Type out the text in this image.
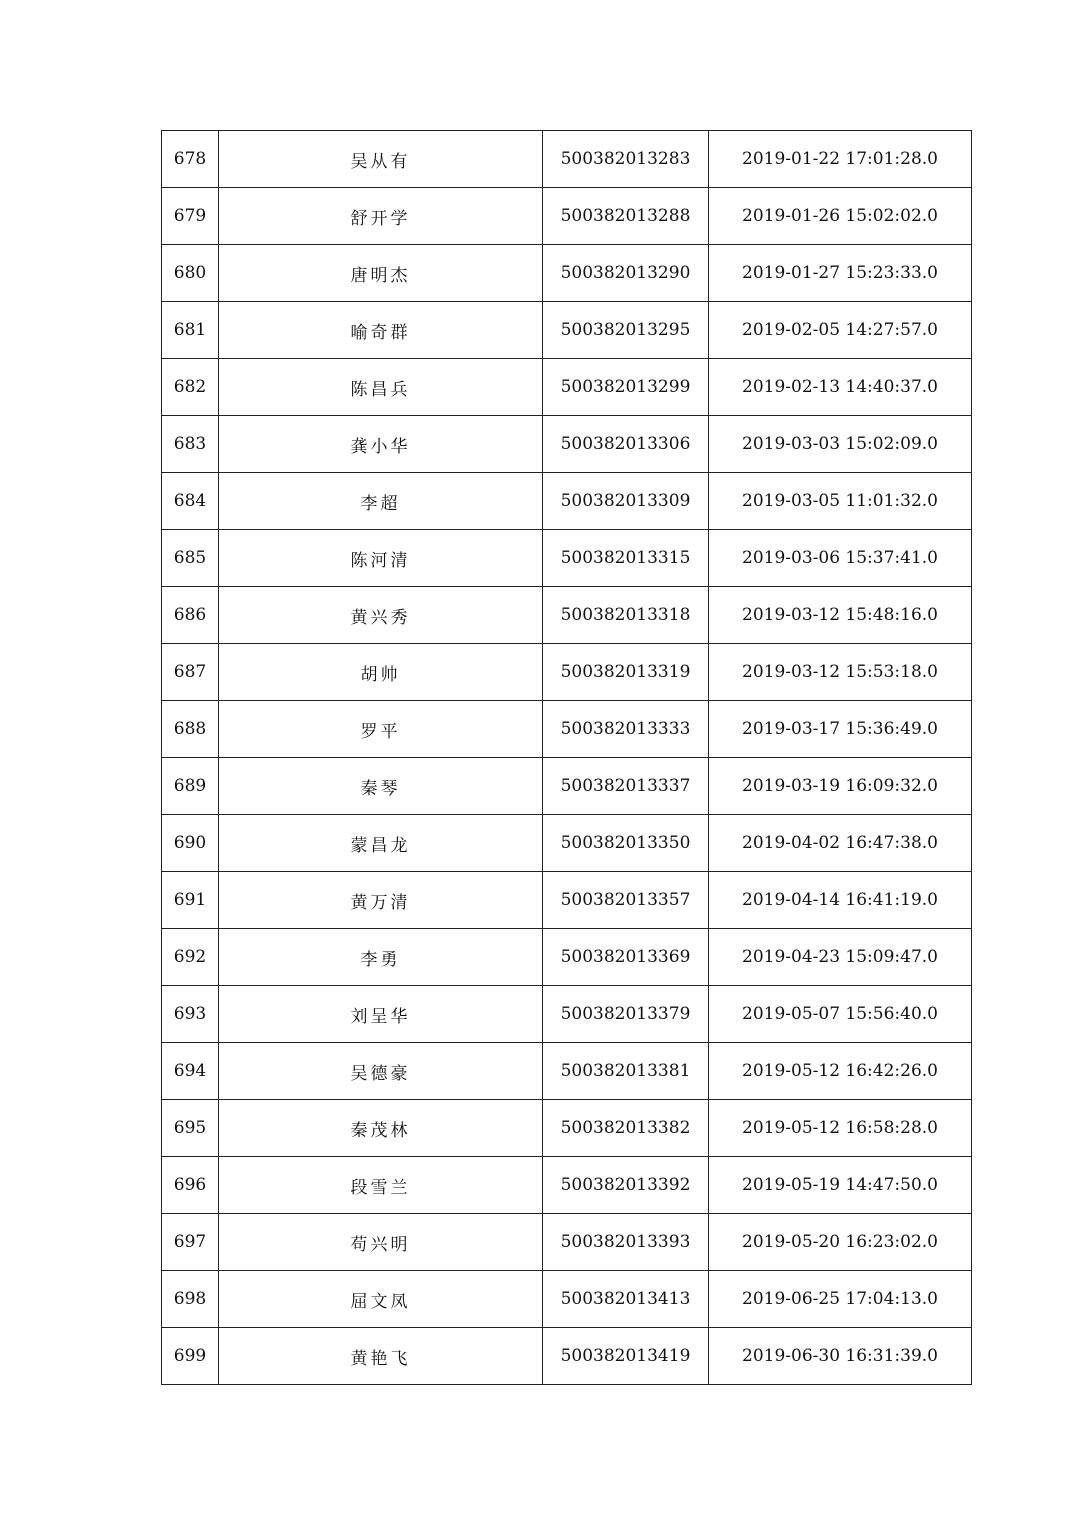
678	吴从有	500382013283	2019-01-22 17:01:28.0
679	舒开学	500382013288	2019-01-26 15:02:02.0
680	唐明杰	500382013290	2019-01-27 15:23:33.0
681	喻奇群	500382013295	2019-02-05 14:27:57.0
682	陈昌兵	500382013299	2019-02-13 14:40:37.0
683	龚小华	500382013306	2019-03-03 15:02:09.0
684	李超	500382013309	2019-03-05 11:01:32.0
685	陈河清	500382013315	2019-03-06 15:37:41.0
686	黄兴秀	500382013318	2019-03-12 15:48:16.0
687	胡帅	500382013319	2019-03-12 15:53:18.0
688	罗平	500382013333	2019-03-17 15:36:49.0
689	秦琴	500382013337	2019-03-19 16:09:32.0
690	蒙昌龙	500382013350	2019-04-02 16:47:38.0
691	黄万清	500382013357	2019-04-14 16:41:19.0
692	李勇	500382013369	2019-04-23 15:09:47.0
693	刘呈华	500382013379	2019-05-07 15:56:40.0
694	吴德豪	500382013381	2019-05-12 16:42:26.0
695	秦茂林	500382013382	2019-05-12 16:58:28.0
696	段雪兰	500382013392	2019-05-19 14:47:50.0
697	苟兴明	500382013393	2019-05-20 16:23:02.0
698	屈文凤	500382013413	2019-06-25 17:04:13.0
699	黄艳飞	500382013419	2019-06-30 16:31:39.0
